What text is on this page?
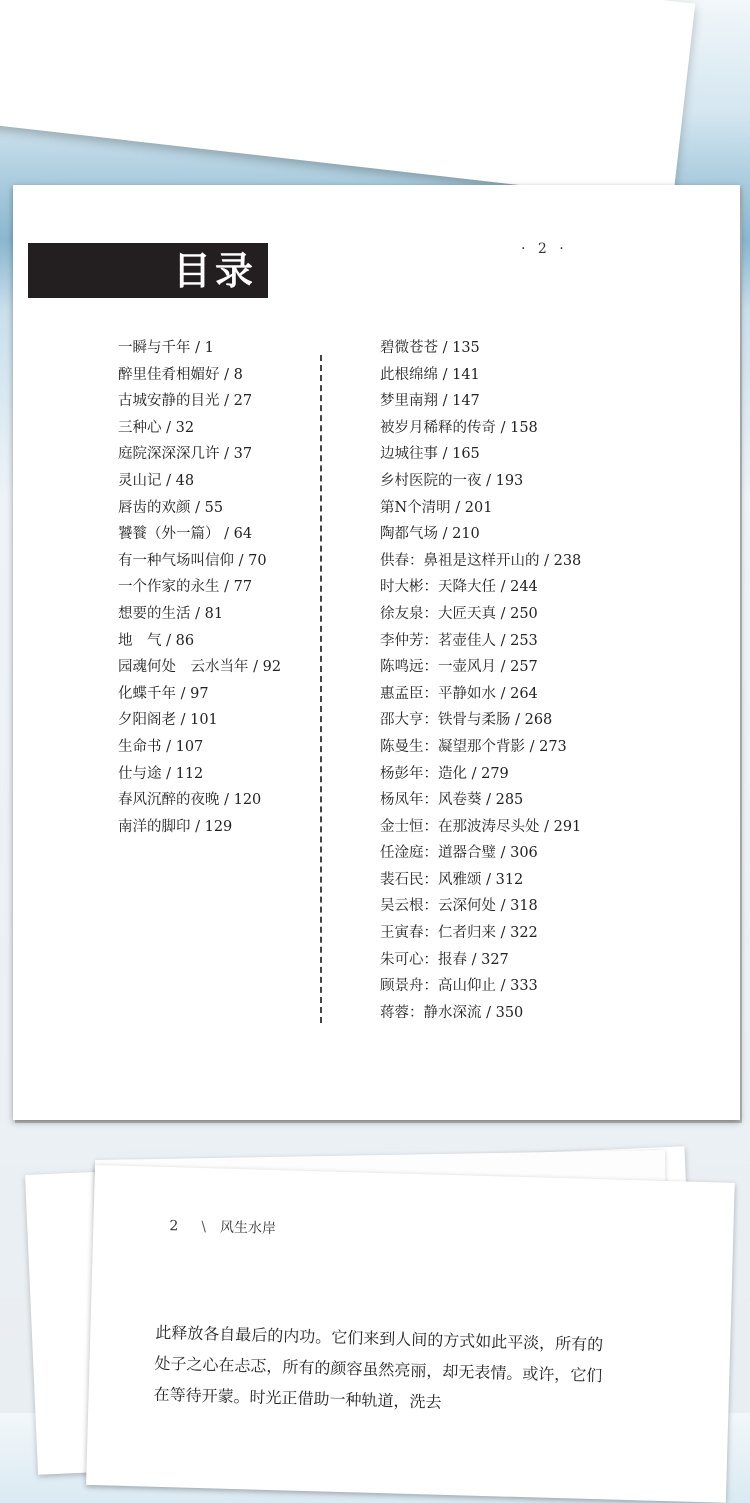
· 2 ·
目录
一瞬与千年 / 1
醉里佳肴相媚好 / 8
古城安静的目光 / 27
三种心 / 32
庭院深深深几许 / 37
灵山记 / 48
唇齿的欢颜 / 55
饕餮（外一篇） / 64
有一种气场叫信仰 / 70
一个作家的永生 / 77
想要的生活 / 81
地　气 / 86
园魂何处　云水当年 / 92
化蝶千年 / 97
夕阳阁老 / 101
生命书 / 107
仕与途 / 112
春风沉醉的夜晚 / 120
南洋的脚印 / 129
碧微苍苍 / 135
此根绵绵 / 141
梦里南翔 / 147
被岁月稀释的传奇 / 158
边城往事 / 165
乡村医院的一夜 / 193
第N个清明 / 201
陶都气场 / 210
供春：鼻祖是这样开山的 / 238
时大彬：天降大任 / 244
徐友泉：大匠天真 / 250
李仲芳：茗壶佳人 / 253
陈鸣远：一壶风月 / 257
惠孟臣：平静如水 / 264
邵大亨：铁骨与柔肠 / 268
陈曼生：凝望那个背影 / 273
杨彭年：造化 / 279
杨凤年：风卷葵 / 285
金士恒：在那波涛尽头处 / 291
任淦庭：道器合璧 / 306
裴石民：风雅颂 / 312
吴云根：云深何处 / 318
王寅春：仁者归来 / 322
朱可心：报春 / 327
顾景舟：高山仰止 / 333
蒋蓉：静水深流 / 350
2 \ 风生水岸

此释放各自最后的内功。它们来到人间的方式如此平淡，所有的
处子之心在忐忑，所有的颜容虽然亮丽，却无表情。或许，它们
在等待开蒙。时光正借助一种轨道，洗去
